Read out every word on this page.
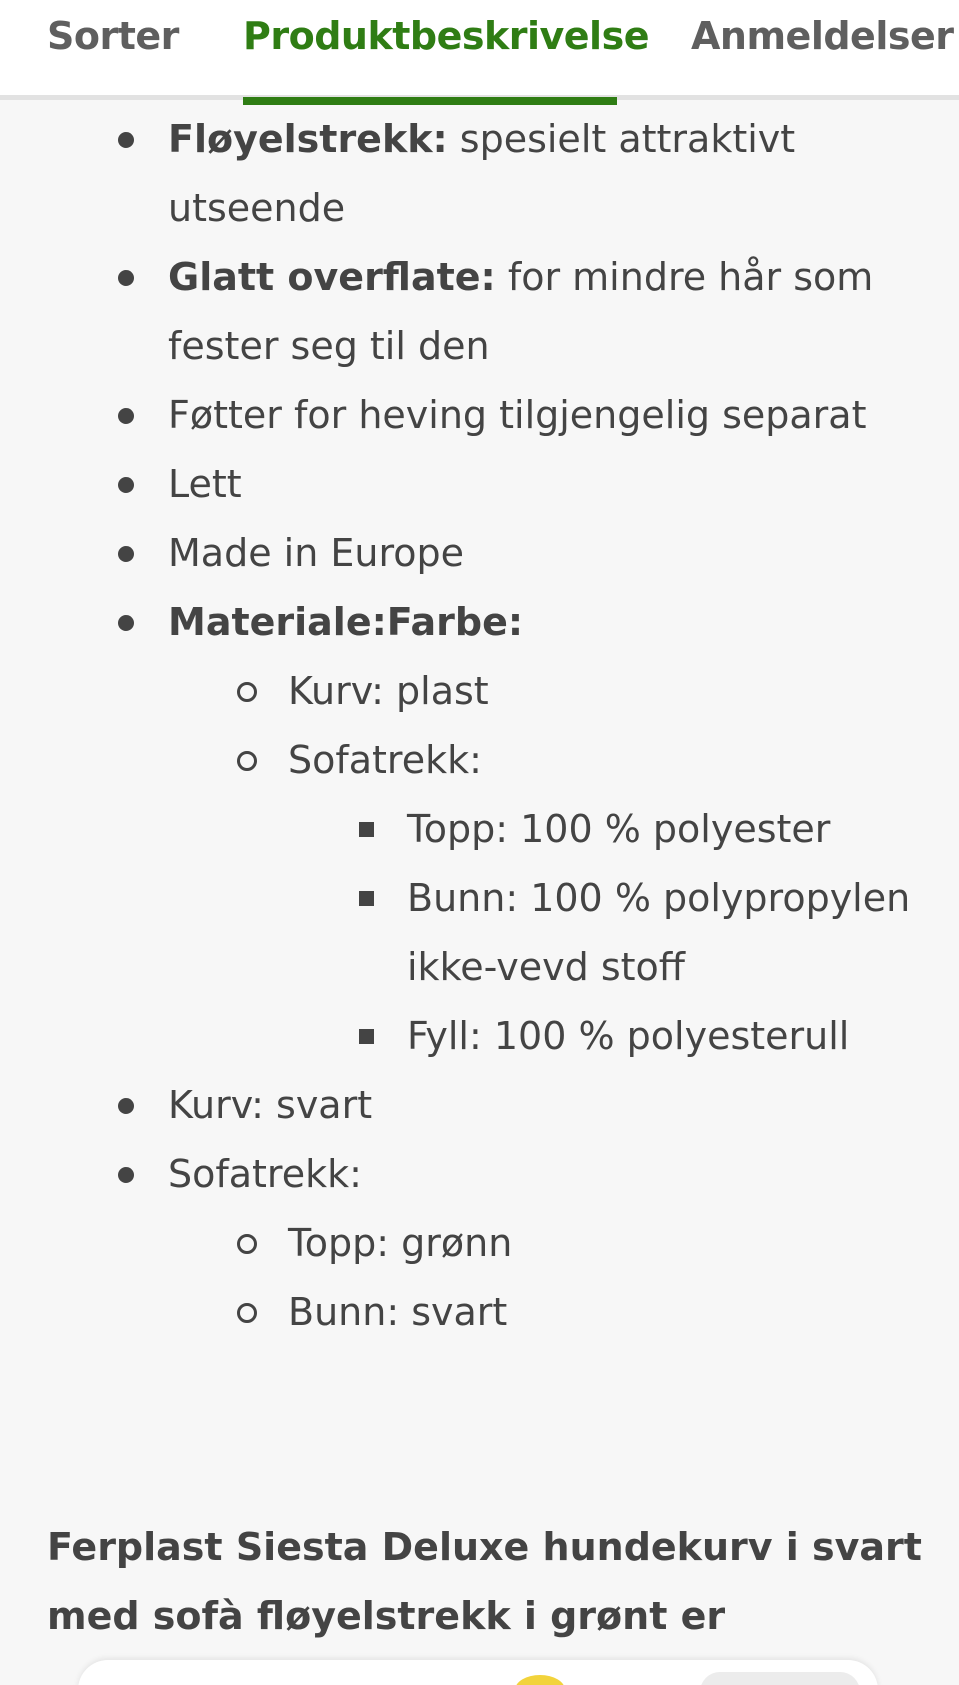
Sorter Produktbeskrivelse Anmeldelser
Fløyelstrekk: spesielt attraktivt utseende
Glatt overflate: for mindre hår som fester seg til den
Føtter for heving tilgjengelig separat
Lett
Made in Europe
Materiale:Farbe:
Kurv: plast
Sofatrekk:
Topp: 100 % polyester
Bunn: 100 % polypropylen ikke-vevd stoff
Fyll: 100 % polyesterull
Kurv: svart
Sofatrekk:
Topp: grønn
Bunn: svart
Ferplast Siesta Deluxe hundekurv i svart med sofà fløyelstrekk i grønt er
